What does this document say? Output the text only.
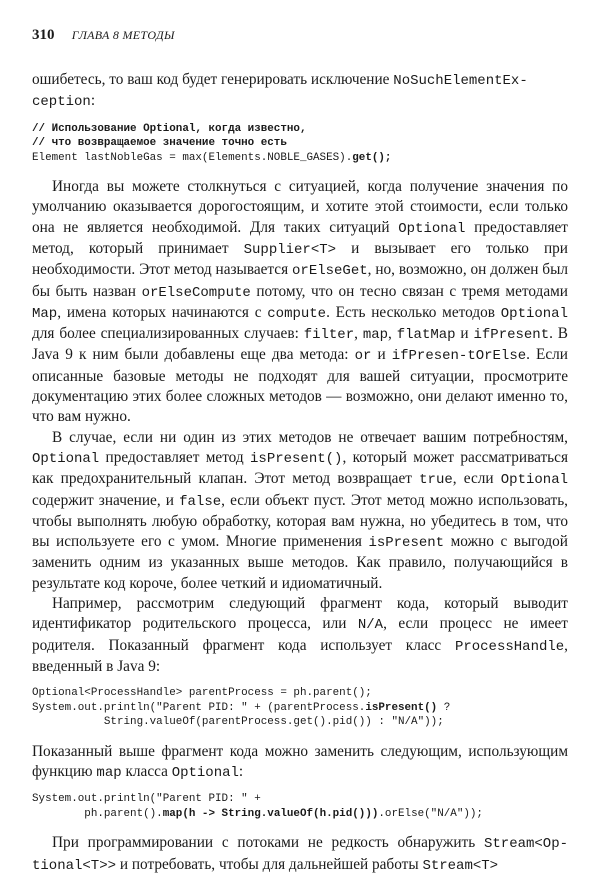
310 ГЛАВА 8 МЕТОДЫ

ошибетесь, то ваш код будет генерировать исключение NoSuchElementEx-
ception:

// Использование Optional, когда известно,
// что возвращаемое значение точно есть
Element lastNobleGas = max(Elements.NOBLE_GASES).get();

Иногда вы можете столкнуться с ситуацией, когда получение значения по умолчанию оказывается дорогостоящим, и хотите этой стоимости, если только она не является необходимой. Для таких ситуаций Optional предоставляет метод, который принимает Supplier<T> и вызывает его только при необходимости. Этот метод называется orElseGet, но, возможно, он должен был бы быть назван orElseCompute потому, что он тесно связан с тремя методами Map, имена которых начинаются с compute. Есть несколько методов Optional для более специализированных случаев: filter, map, flatMap и ifPresent. В Java 9 к ним были добавлены еще два метода: or и ifPresen-tOrElse. Если описанные базовые методы не подходят для вашей ситуации, просмотрите документацию этих более сложных методов — возможно, они делают именно то, что вам нужно.

В случае, если ни один из этих методов не отвечает вашим потребностям, Optional предоставляет метод isPresent(), который может рассматриваться как предохранительный клапан. Этот метод возвращает true, если Optional содержит значение, и false, если объект пуст. Этот метод можно использовать, чтобы выполнять любую обработку, которая вам нужна, но убедитесь в том, что вы используете его с умом. Многие применения isPresent можно с выгодой заменить одним из указанных выше методов. Как правило, получающийся в результате код короче, более четкий и идиоматичный.

Например, рассмотрим следующий фрагмент кода, который выводит идентификатор родительского процесса, или N/A, если процесс не имеет родителя. Показанный фрагмент кода использует класс ProcessHandle, введенный в Java 9:

Optional<ProcessHandle> parentProcess = ph.parent();
System.out.println("Parent PID: " + (parentProcess.isPresent() ?
String.valueOf(parentProcess.get().pid()) : "N/A"));

Показанный выше фрагмент кода можно заменить следующим, использующим функцию map класса Optional:

System.out.println("Parent PID: " +
ph.parent().map(h -> String.valueOf(h.pid())).orElse("N/A"));

При программировании с потоками не редкость обнаружить Stream<Op-tional<T>> и потребовать, чтобы для дальнейшей работы Stream<T>
